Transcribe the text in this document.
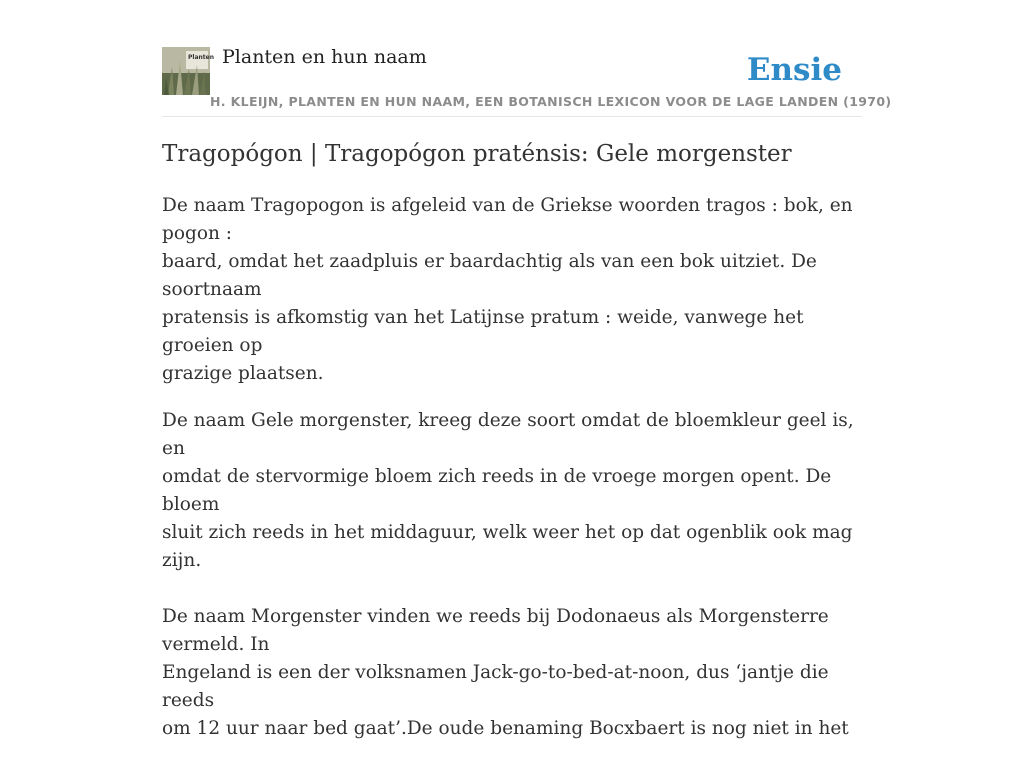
Planten Planten en hun naam	Ensie
H. KLEIJN, PLANTEN EN HUN NAAM, EEN BOTANISCH LEXICON VOOR DE LAGE LANDEN (1970)
Tragopógon | Tragopógon praténsis: Gele morgenster

De naam Tragopogon is afgeleid van de Griekse woorden tragos : bok, en pogon :
baard, omdat het zaadpluis er baardachtig als van een bok uitziet. De soortnaam
pratensis is afkomstig van het Latijnse pratum : weide, vanwege het groeien op
grazige plaatsen.

De naam Gele morgenster, kreeg deze soort omdat de bloemkleur geel is, en
omdat de stervormige bloem zich reeds in de vroege morgen opent. De bloem
sluit zich reeds in het middaguur, welk weer het op dat ogenblik ook mag zijn.

De naam Morgenster vinden we reeds bij Dodonaeus als Morgensterre vermeld. In
Engeland is een der volksnamen Jack-go-to-bed-at-noon, dus ‘jantje die reeds
om 12 uur naar bed gaat’.De oude benaming Bocxbaert is nog niet in het
